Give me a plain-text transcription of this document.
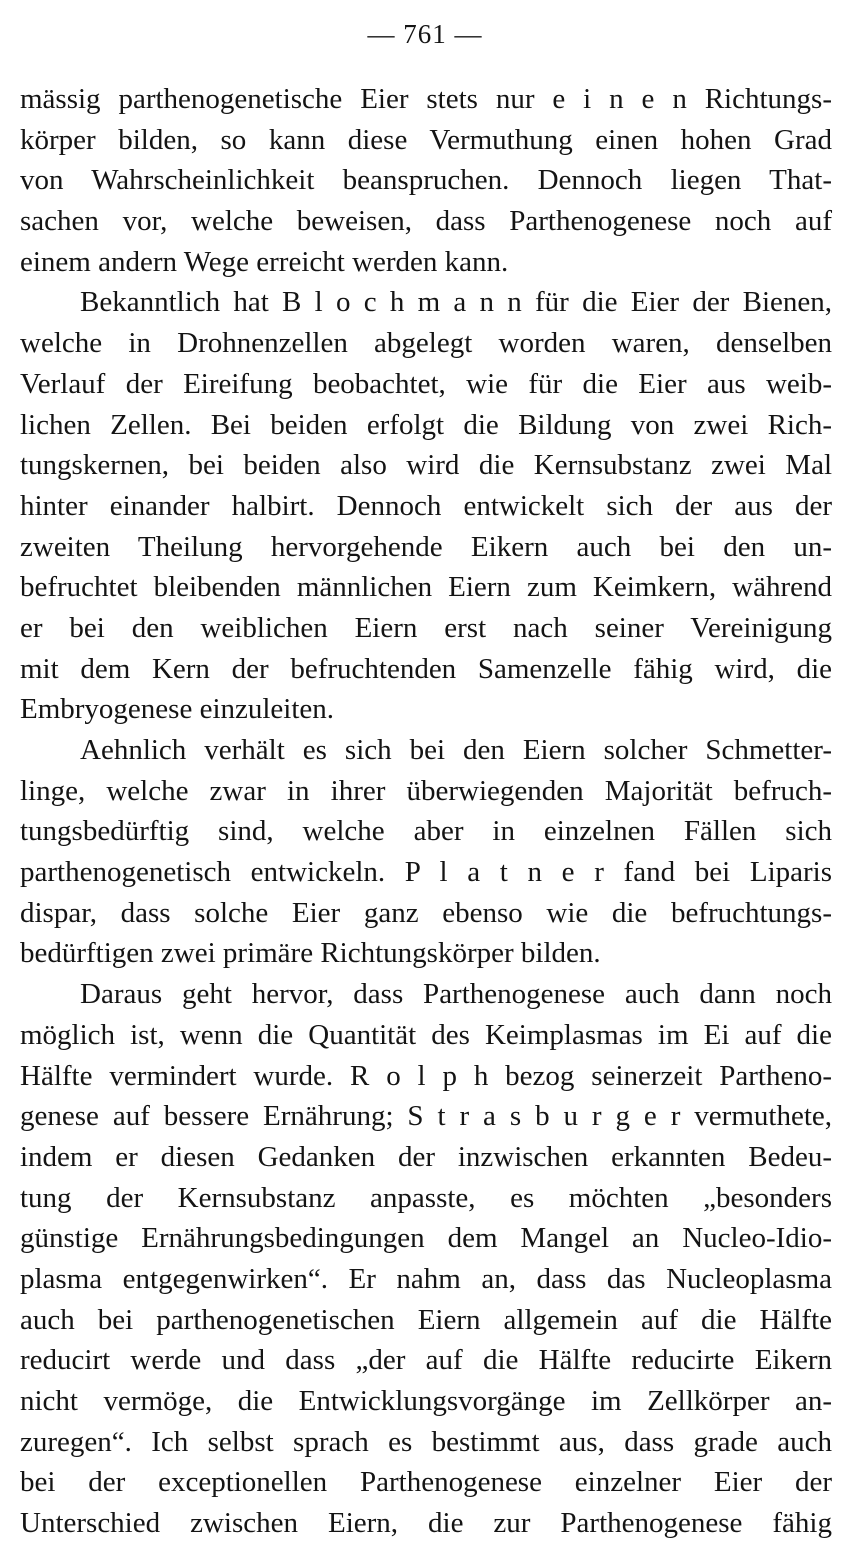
— 761 —
mässig parthenogenetische Eier stets nur e i n e n Richtungs-
körper bilden, so kann diese Vermuthung einen hohen Grad
von Wahrscheinlichkeit beanspruchen. Dennoch liegen That-
sachen vor, welche beweisen, dass Parthenogenese noch auf
einem andern Wege erreicht werden kann.
Bekanntlich hat B l o c h m a n n für die Eier der Bienen,
welche in Drohnenzellen abgelegt worden waren, denselben
Verlauf der Eireifung beobachtet, wie für die Eier aus weib-
lichen Zellen. Bei beiden erfolgt die Bildung von zwei Rich-
tungskernen, bei beiden also wird die Kernsubstanz zwei Mal
hinter einander halbirt. Dennoch entwickelt sich der aus der
zweiten Theilung hervorgehende Eikern auch bei den un-
befruchtet bleibenden männlichen Eiern zum Keimkern, während
er bei den weiblichen Eiern erst nach seiner Vereinigung
mit dem Kern der befruchtenden Samenzelle fähig wird, die
Embryogenese einzuleiten.
Aehnlich verhält es sich bei den Eiern solcher Schmetter-
linge, welche zwar in ihrer überwiegenden Majorität befruch-
tungsbedürftig sind, welche aber in einzelnen Fällen sich
parthenogenetisch entwickeln. P l a t n e r fand bei Liparis
dispar, dass solche Eier ganz ebenso wie die befruchtungs-
bedürftigen zwei primäre Richtungskörper bilden.
Daraus geht hervor, dass Parthenogenese auch dann noch
möglich ist, wenn die Quantität des Keimplasmas im Ei auf die
Hälfte vermindert wurde. R o l p h bezog seinerzeit Partheno-
genese auf bessere Ernährung; S t r a s b u r g e r vermuthete,
indem er diesen Gedanken der inzwischen erkannten Bedeu-
tung der Kernsubstanz anpasste, es möchten „besonders
günstige Ernährungsbedingungen dem Mangel an Nucleo-Idio-
plasma entgegenwirken“. Er nahm an, dass das Nucleoplasma
auch bei parthenogenetischen Eiern allgemein auf die Hälfte
reducirt werde und dass „der auf die Hälfte reducirte Eikern
nicht vermöge, die Entwicklungsvorgänge im Zellkörper an-
zuregen“. Ich selbst sprach es bestimmt aus, dass grade auch
bei der exceptionellen Parthenogenese einzelner Eier der
Unterschied zwischen Eiern, die zur Parthenogenese fähig
